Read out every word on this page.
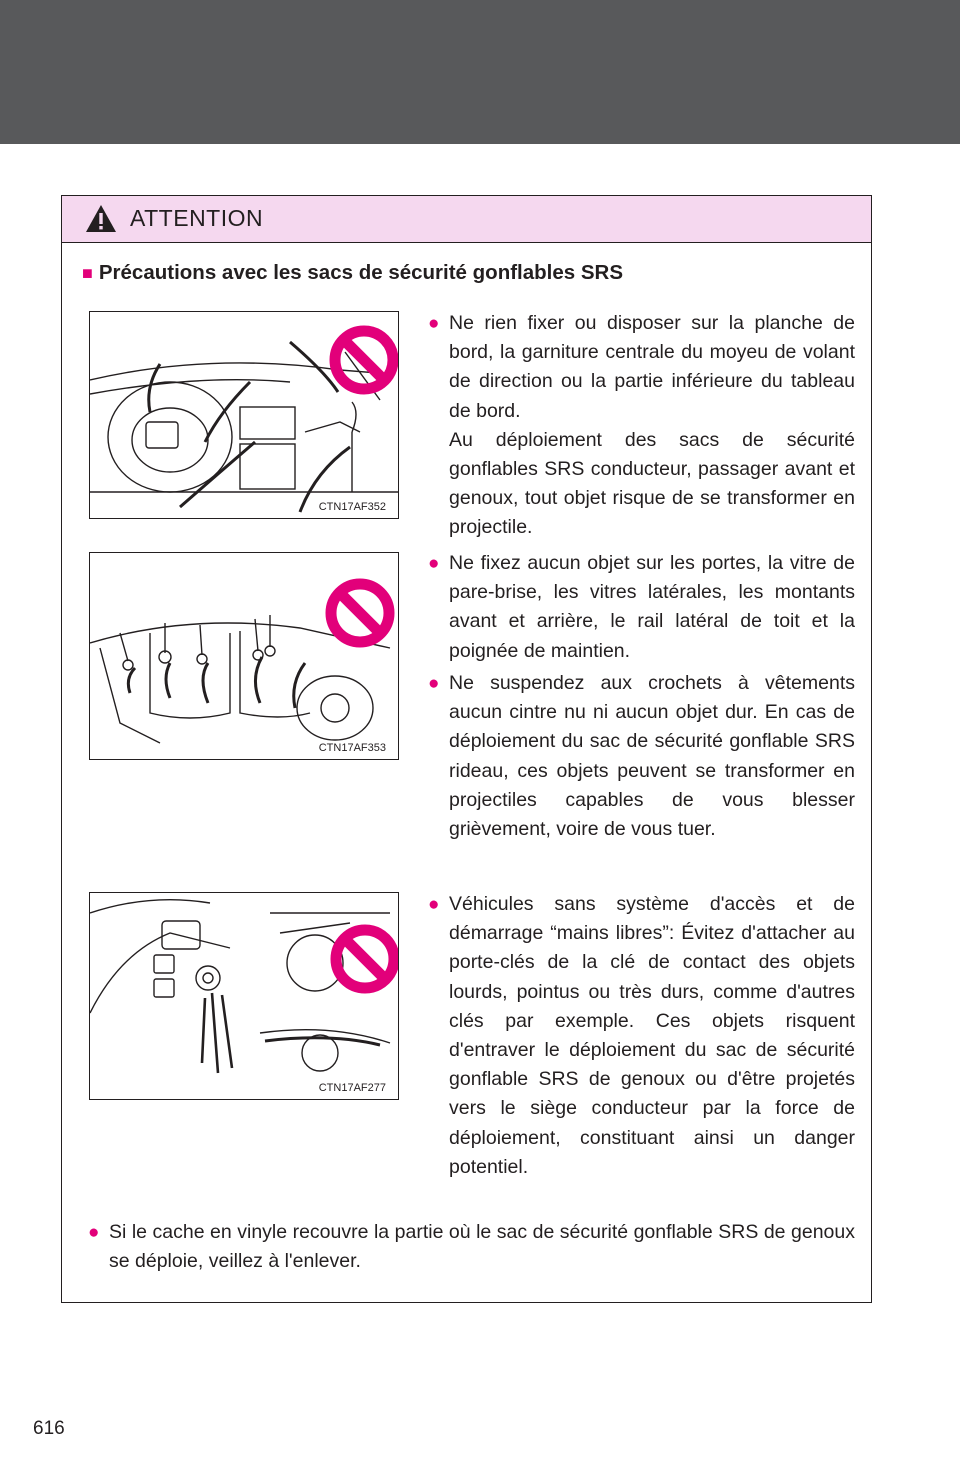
ATTENTION
■ Précautions avec les sacs de sécurité gonflables SRS
CTN17AF352
CTN17AF353
CTN17AF277
● Ne rien fixer ou disposer sur la planche de bord, la garniture centrale du moyeu de volant de direction ou la partie inférieure du tableau de bord.
Au déploiement des sacs de sécurité gonflables SRS conducteur, passager avant et genoux, tout objet risque de se transformer en projectile.
● Ne fixez aucun objet sur les portes, la vitre de pare-brise, les vitres latérales, les montants avant et arrière, le rail latéral de toit et la poignée de maintien.
● Ne suspendez aux crochets à vêtements aucun cintre nu ni aucun objet dur. En cas de déploiement du sac de sécurité gonflable SRS rideau, ces objets peuvent se transformer en projectiles capables de vous blesser grièvement, voire de vous tuer.
● Véhicules sans système d'accès et de démarrage “mains libres”: Évitez d'attacher au porte-clés de la clé de contact des objets lourds, pointus ou très durs, comme d'autres clés par exemple. Ces objets risquent d'entraver le déploiement du sac de sécurité gonflable SRS de genoux ou d'être projetés vers le siège conducteur par la force de déploiement, constituant ainsi un danger potentiel.
● Si le cache en vinyle recouvre la partie où le sac de sécurité gonflable SRS de genoux se déploie, veillez à l'enlever.
616
